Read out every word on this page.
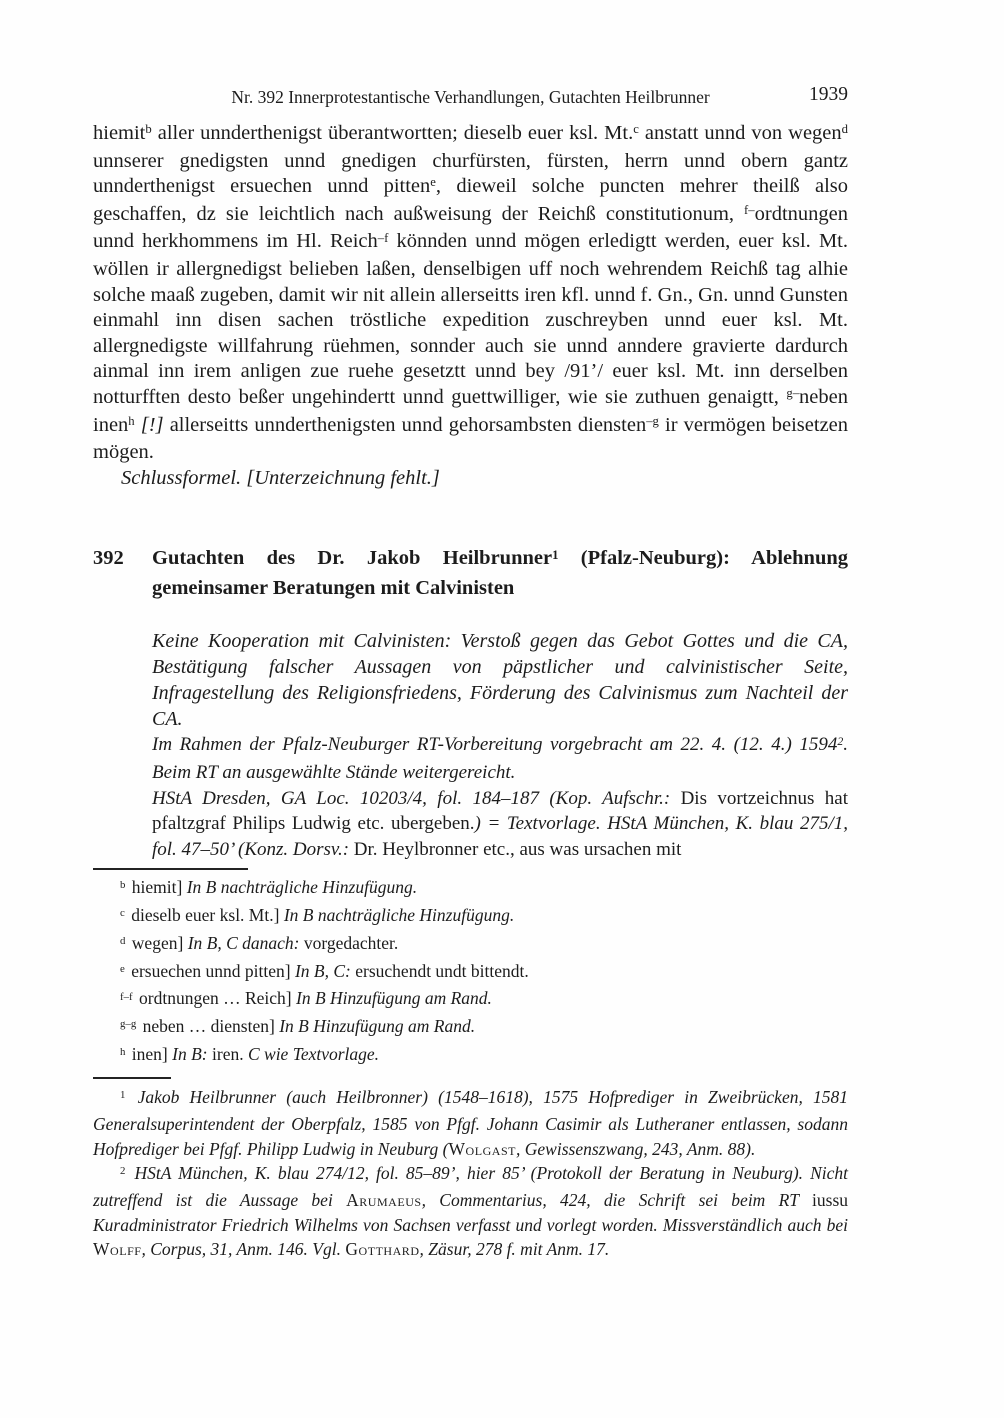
Nr. 392 Innerprotestantische Verhandlungen, Gutachten Heilbrunner	1939

hiemit$^b$ aller unnderthenigst überantwortten; dieselb euer ksl. Mt.$^c$ anstatt unnd von wegen$^d$ unnserer gnedigsten unnd gnedigen churfürsten, fürsten, herrn unnd obern gantz unnderthenigst ersuechen unnd pitten$^e$, dieweil solche puncten mehrer theilß also geschaffen, dz sie leichtlich nach außweisung der Reichß constitutionum, $^{f-}$ordtnungen unnd herkhommens im Hl. Reich$^{-f}$ könnden unnd mögen erledigtt werden, euer ksl. Mt. wöllen ir allergnedigst belieben laßen, denselbigen uff noch wehrendem Reichß tag alhie solche maaß zugeben, damit wir nit allein allerseitts iren kfl. unnd f. Gn., Gn. unnd Gunsten einmahl inn disen sachen tröstliche expedition zuschreyben unnd euer ksl. Mt. allergnedigste willfahrung rüehmen, sonnder auch sie unnd anndere gravierte dardurch ainmal inn irem anligen zue ruehe gesetztt unnd bey /91’/ euer ksl. Mt. inn derselben notturfften desto beßer ungehindertt unnd guettwilliger, wie sie zuthuen genaigtt, $^{g-}$neben inen$^h$ [!] allerseitts unnderthenigsten unnd gehorsambsten diensten$^{-g}$ ir vermögen beisetzen mögen.

Schlussformel. [Unterzeichnung fehlt.]

392	Gutachten des Dr. Jakob Heilbrunner$^1$ (Pfalz-Neuburg): Ablehnung gemeinsamer Beratungen mit Calvinisten

Keine Kooperation mit Calvinisten: Verstoß gegen das Gebot Gottes und die CA, Bestätigung falscher Aussagen von päpstlicher und calvinistischer Seite, Infragestellung des Religionsfriedens, Förderung des Calvinismus zum Nachteil der CA.

Im Rahmen der Pfalz-Neuburger RT-Vorbereitung vorgebracht am 22. 4. (12. 4.) 1594$^2$. Beim RT an ausgewählte Stände weitergereicht.

HStA Dresden, GA Loc. 10203/4, fol. 184–187 (Kop. Aufschr.: Dis vortzeichnus hat pfaltzgraf Philips Ludwig etc. ubergeben.) = Textvorlage. HStA München, K. blau 275/1, fol. 47–50’ (Konz. Dorsv.: Dr. Heylbronner etc., aus was ursachen mit

$^b$ hiemit] In B nachträgliche Hinzufügung.
$^c$ dieselb euer ksl. Mt.] In B nachträgliche Hinzufügung.
$^d$ wegen] In B, C danach: vorgedachter.
$^e$ ersuechen unnd pitten] In B, C: ersuchendt undt bittendt.
$^{f-f}$ ordtnungen … Reich] In B Hinzufügung am Rand.
$^{g-g}$ neben … diensten] In B Hinzufügung am Rand.
$^h$ inen] In B: iren. C wie Textvorlage.

$^1$ Jakob Heilbrunner (auch Heilbronner) (1548–1618), 1575 Hofprediger in Zweibrücken, 1581 Generalsuperintendent der Oberpfalz, 1585 von Pfgf. Johann Casimir als Lutheraner entlassen, sodann Hofprediger bei Pfgf. Philipp Ludwig in Neuburg (Wolgast, Gewissenszwang, 243, Anm. 88).

$^2$ HStA München, K. blau 274/12, fol. 85–89’, hier 85’ (Protokoll der Beratung in Neuburg). Nicht zutreffend ist die Aussage bei Arumaeus, Commentarius, 424, die Schrift sei beim RT iussu Kuradministrator Friedrich Wilhelms von Sachsen verfasst und vorlegt worden. Missverständlich auch bei Wolff, Corpus, 31, Anm. 146. Vgl. Gotthard, Zäsur, 278 f. mit Anm. 17.
